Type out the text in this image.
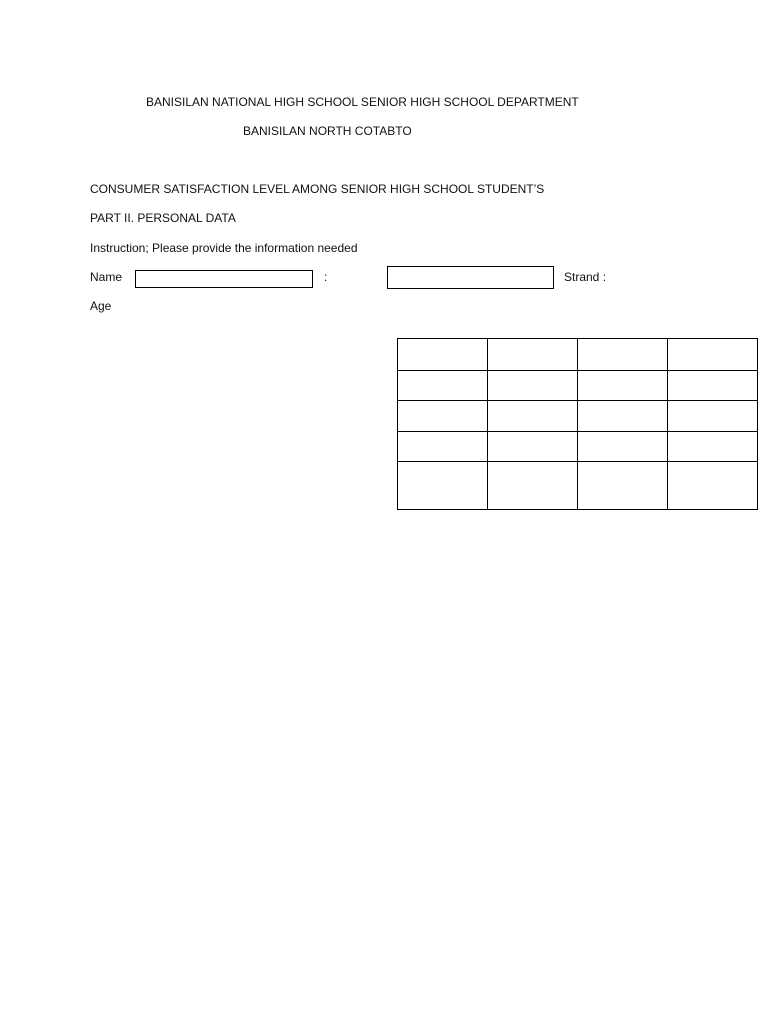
BANISILAN NATIONAL HIGH SCHOOL SENIOR HIGH SCHOOL DEPARTMENT
BANISILAN NORTH COTABTO
CONSUMER SATISFACTION LEVEL AMONG SENIOR HIGH SCHOOL STUDENT’S
PART II. PERSONAL DATA
Instruction; Please provide the information needed
Name	:	Strand :
Age
